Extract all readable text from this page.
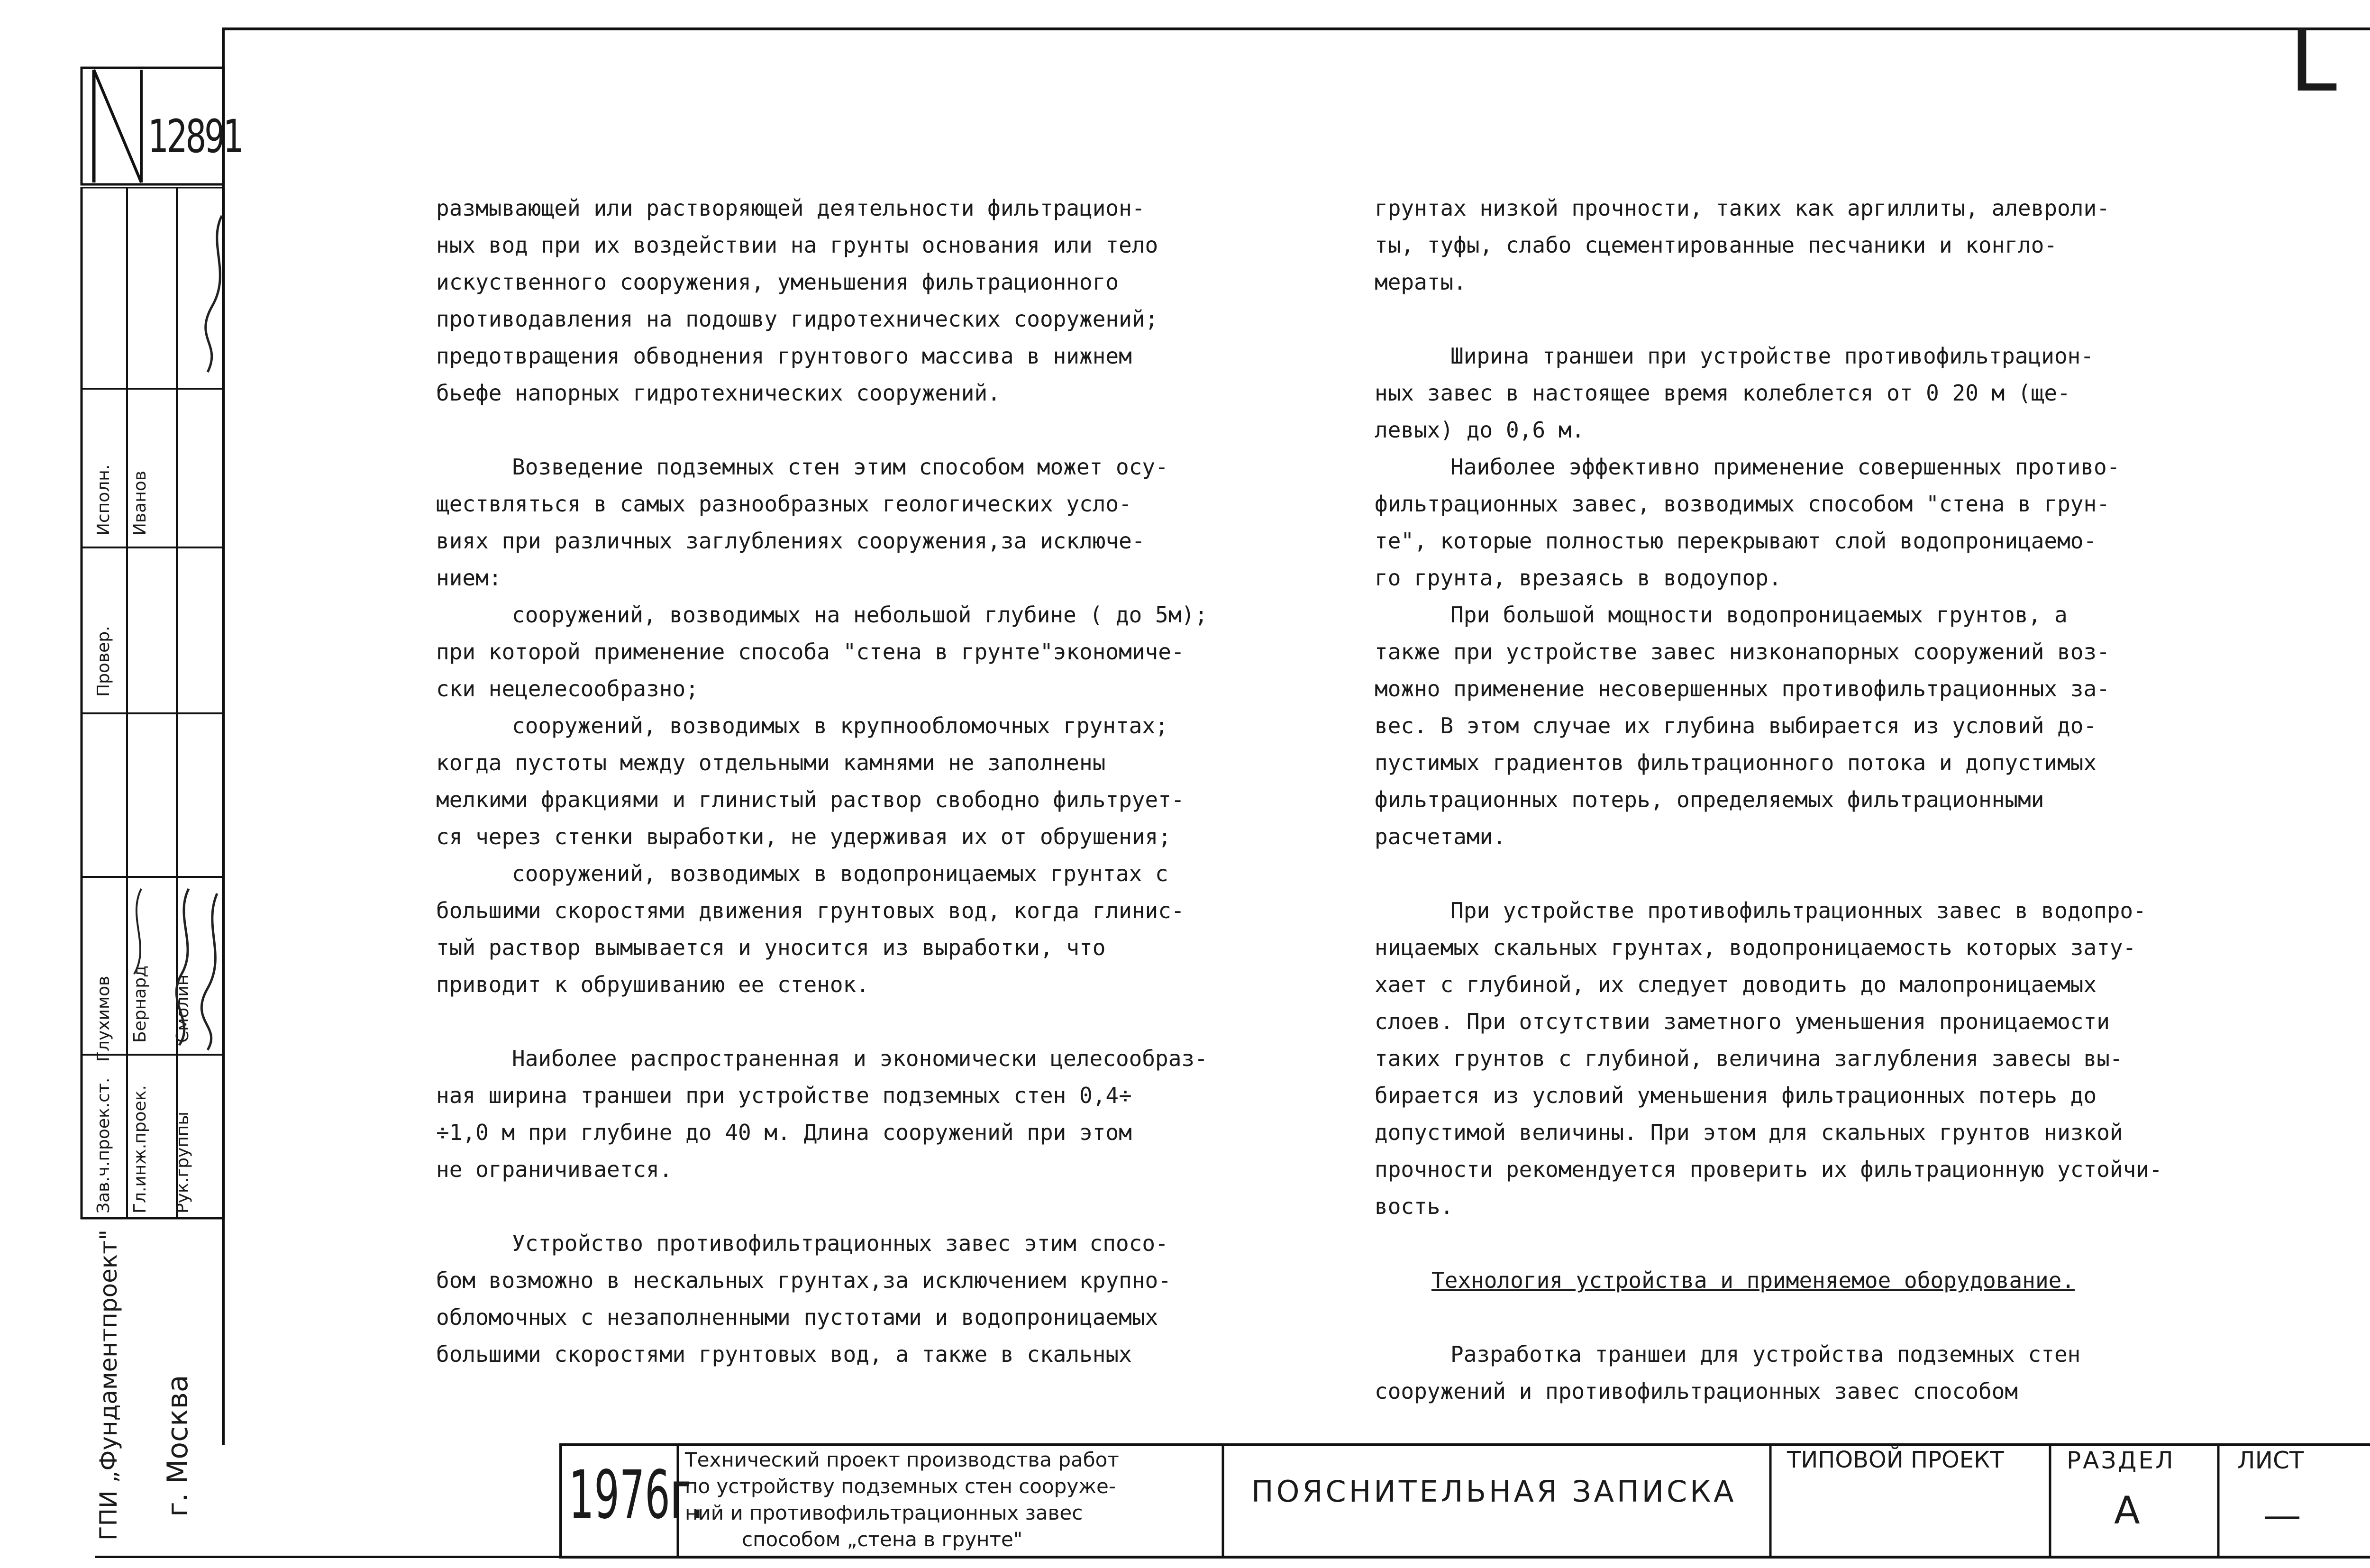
12891
L
Зав.ч.проек.ст.
Глухимов
Гл.инж.проек.
Бернард
Рук.группы
Смолин
Провер.
Исполн. Иванов
ГПИ „Фундаментпроект" г. Москва

размывающей или растворяющей деятельности фильтрацион-

ных вод при их воздействии на грунты основания или тело

искуственного сооружения, уменьшения фильтрационного

противодавления на подошву гидротехнических сооружений;

предотвращения обводнения грунтового массива в нижнем

бьефе напорных гидротехнических сооружений.

Возведение подземных стен этим способом может осу-

ществляться в самых разнообразных геологических усло-

виях при различных заглублениях сооружения,за исключе-

нием:

сооружений, возводимых на небольшой глубине ( до 5м);

при которой применение способа "стена в грунте"экономиче-

ски нецелесообразно;

сооружений, возводимых в крупнообломочных грунтах;

когда пустоты между отдельными камнями не заполнены

мелкими фракциями и глинистый раствор свободно фильтрует-

ся через стенки выработки, не удерживая их от обрушения;

сооружений, возводимых в водопроницаемых грунтах с

большими скоростями движения грунтовых вод, когда глинис-

тый раствор вымывается и уносится из выработки, что

приводит к обрушиванию ее стенок.

Наиболее распространенная и экономически целесообраз-

ная ширина траншеи при устройстве подземных стен 0,4÷

÷1,0 м при глубине до 40 м. Длина сооружений при этом

не ограничивается.

Устройство противофильтрационных завес этим спосо-

бом возможно в нескальных грунтах,за исключением крупно-

обломочных с незаполненными пустотами и водопроницаемых

большими скоростями грунтовых вод, а также в скальных

грунтах низкой прочности, таких как аргиллиты, алевроли-

ты, туфы, слабо сцементированные песчаники и конгло-

мераты.

Ширина траншеи при устройстве противофильтрацион-

ных завес в настоящее время колеблется от 0 20 м (ще-

левых) до 0,6 м.

Наиболее эффективно применение совершенных противо-

фильтрационных завес, возводимых способом "стена в грун-

те", которые полностью перекрывают слой водопроницаемо-

го грунта, врезаясь в водоупор.

При большой мощности водопроницаемых грунтов, а

также при устройстве завес низконапорных сооружений воз-

можно применение несовершенных противофильтрационных за-

вес. В этом случае их глубина выбирается из условий до-

пустимых градиентов фильтрационного потока и допустимых

фильтрационных потерь, определяемых фильтрационными

расчетами.

При устройстве противофильтрационных завес в водопро-

ницаемых скальных грунтах, водопроницаемость которых зату-

хает с глубиной, их следует доводить до малопроницаемых

слоев. При отсутствии заметного уменьшения проницаемости

таких грунтов с глубиной, величина заглубления завесы вы-

бирается из условий уменьшения фильтрационных потерь до

допустимой величины. При этом для скальных грунтов низкой

прочности рекомендуется проверить их фильтрационную устойчи-

вость.

Технология устройства и применяемое оборудование.

Разработка траншеи для устройства подземных стен

сооружений и противофильтрационных завес способом

1976г.
Технический проект производства работ
по устройству подземных стен сооруже-
ний и противофильтрационных завес
способом „стена в грунте"
ПОЯСНИТЕЛЬНАЯ ЗАПИСКА
ТИПОВОЙ ПРОЕКТ	РАЗДЕЛ
А
ЛИСТ
—
